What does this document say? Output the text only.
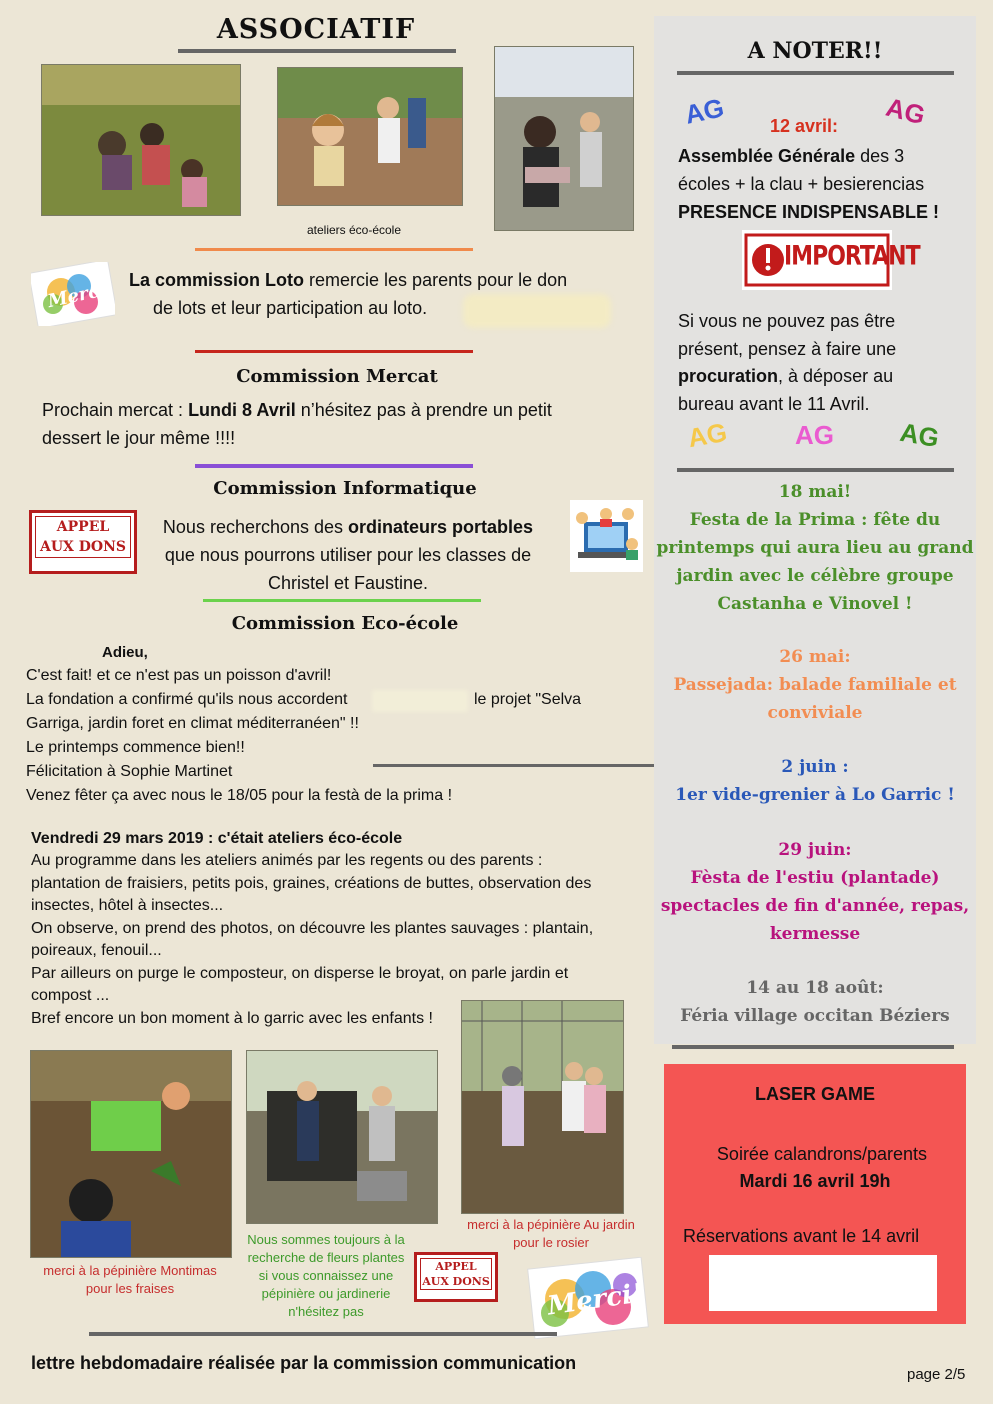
ASSOCIATIF
ateliers éco-école
Merci! La commission Loto remercie les parents pour le don
de lots et leur participation au loto.
Commission Mercat
Prochain mercat : Lundi 8 Avril n’hésitez pas à prendre un petit
dessert le jour même !!!!
Commission Informatique
APPEL
AUX DONS
Nous recherchons des ordinateurs portables
que nous pourrons utiliser pour les classes de
Christel et Faustine.
Commission Eco-école
Adieu,
C'est fait! et ce n'est pas un poisson d'avril!
La fondation a confirmé qu'ils nous accordent	le projet "Selva
Garriga, jardin foret en climat méditerranéen" !!
Le printemps commence bien!!
Félicitation à Sophie Martinet
Venez fêter ça avec nous le 18/05 pour la festà de la prima !
Vendredi 29 mars 2019 : c'était ateliers éco-école
Au programme dans les ateliers animés par les regents ou des parents :
plantation de fraisiers, petits pois, graines, créations de buttes, observation des
insectes, hôtel à insectes...
On observe, on prend des photos, on découvre les plantes sauvages : plantain,
poireaux, fenouil...
Par ailleurs on purge le composteur, on disperse le broyat, on parle jardin et
compost ...
Bref encore un bon moment à lo garric avec les enfants !
merci à la pépinière Montimas
pour les fraises
Nous sommes toujours à la
recherche de fleurs plantes
si vous connaissez une
pépinière ou jardinerie
n'hésitez pas
merci à la pépinière Au jardin
pour le rosier
APPEL
AUX DONS Merci!
lettre hebdomadaire réalisée par la commission communication
page 2/5
A NOTER!!
AG	AG
12 avril:
Assemblée Générale des 3
écoles + la clau + besierencias
PRESENCE INDISPENSABLE !
IMPORTANT
Si vous ne pouvez pas être
présent, pensez à faire une
procuration, à déposer au
bureau avant le 11 Avril.
AG	AG AG
18 mai!
Festa de la Prima : fête du
printemps qui aura lieu au grand
jardin avec le célèbre groupe
Castanha e Vinovel !
26 mai:
Passejada: balade familiale et
conviviale
2 juin :
1er vide-grenier à Lo Garric !
29 juin:
Fèsta de l'estiu (plantade)
spectacles de fin d'année, repas,
kermesse
14 au 18 août:
Féria village occitan Béziers
LASER GAME
Soirée calandrons/parents
Mardi 16 avril 19h
Réservations avant le 14 avril
